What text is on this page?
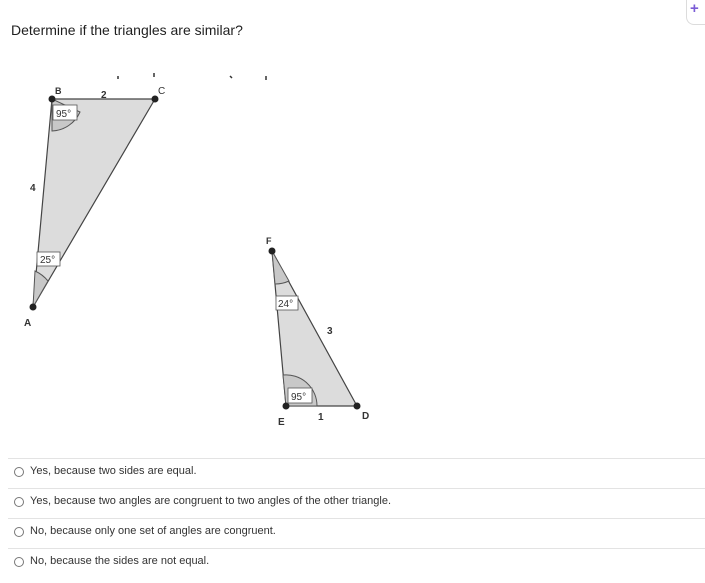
Determine if the triangles are similar?
+
B	C
A
2
4
95°
25°
F
E
D
3
1
24°
95°
Yes, because two sides are equal.
Yes, because two angles are congruent to two angles of the other triangle.
No, because only one set of angles are congruent.
No, because the sides are not equal.
